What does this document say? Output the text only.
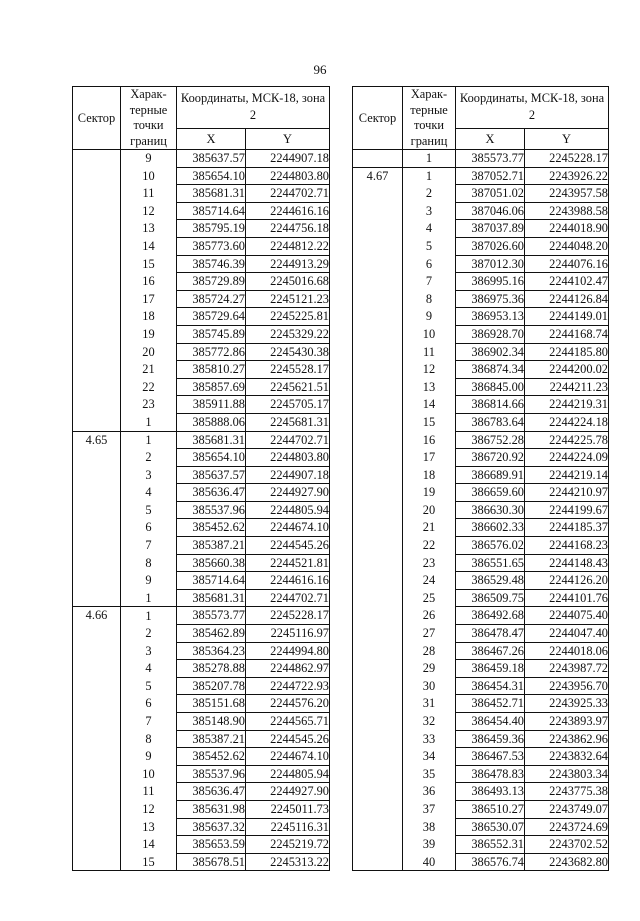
96
Сектор	Харак-терные точки границ	Координаты, МСК-18, зона 2	
		X	Y
	9	385637.57	2244907.18
	10	385654.10	2244803.80
	11	385681.31	2244702.71
	12	385714.64	2244616.16
	13	385795.19	2244756.18
	14	385773.60	2244812.22
	15	385746.39	2244913.29
	16	385729.89	2245016.68
	17	385724.27	2245121.23
	18	385729.64	2245225.81
	19	385745.89	2245329.22
	20	385772.86	2245430.38
	21	385810.27	2245528.17
	22	385857.69	2245621.51
	23	385911.88	2245705.17
	1	385888.06	2245681.31
4.65	1	385681.31	2244702.71
	2	385654.10	2244803.80
	3	385637.57	2244907.18
	4	385636.47	2244927.90
	5	385537.96	2244805.94
	6	385452.62	2244674.10
	7	385387.21	2244545.26
	8	385660.38	2244521.81
	9	385714.64	2244616.16
	1	385681.31	2244702.71
4.66	1	385573.77	2245228.17
	2	385462.89	2245116.97
	3	385364.23	2244994.80
	4	385278.88	2244862.97
	5	385207.78	2244722.93
	6	385151.68	2244576.20
	7	385148.90	2244565.71
	8	385387.21	2244545.26
	9	385452.62	2244674.10
	10	385537.96	2244805.94
	11	385636.47	2244927.90
	12	385631.98	2245011.73
	13	385637.32	2245116.31
	14	385653.59	2245219.72
	15	385678.51	2245313.22
Сектор	Харак-терные точки границ	Координаты, МСК-18, зона 2	
		X	Y
	1	385573.77	2245228.17
4.67	1	387052.71	2243926.22
	2	387051.02	2243957.58
	3	387046.06	2243988.58
	4	387037.89	2244018.90
	5	387026.60	2244048.20
	6	387012.30	2244076.16
	7	386995.16	2244102.47
	8	386975.36	2244126.84
	9	386953.13	2244149.01
	10	386928.70	2244168.74
	11	386902.34	2244185.80
	12	386874.34	2244200.02
	13	386845.00	2244211.23
	14	386814.66	2244219.31
	15	386783.64	2244224.18
	16	386752.28	2244225.78
	17	386720.92	2244224.09
	18	386689.91	2244219.14
	19	386659.60	2244210.97
	20	386630.30	2244199.67
	21	386602.33	2244185.37
	22	386576.02	2244168.23
	23	386551.65	2244148.43
	24	386529.48	2244126.20
	25	386509.75	2244101.76
	26	386492.68	2244075.40
	27	386478.47	2244047.40
	28	386467.26	2244018.06
	29	386459.18	2243987.72
	30	386454.31	2243956.70
	31	386452.71	2243925.33
	32	386454.40	2243893.97
	33	386459.36	2243862.96
	34	386467.53	2243832.64
	35	386478.83	2243803.34
	36	386493.13	2243775.38
	37	386510.27	2243749.07
	38	386530.07	2243724.69
	39	386552.31	2243702.52
	40	386576.74	2243682.80
